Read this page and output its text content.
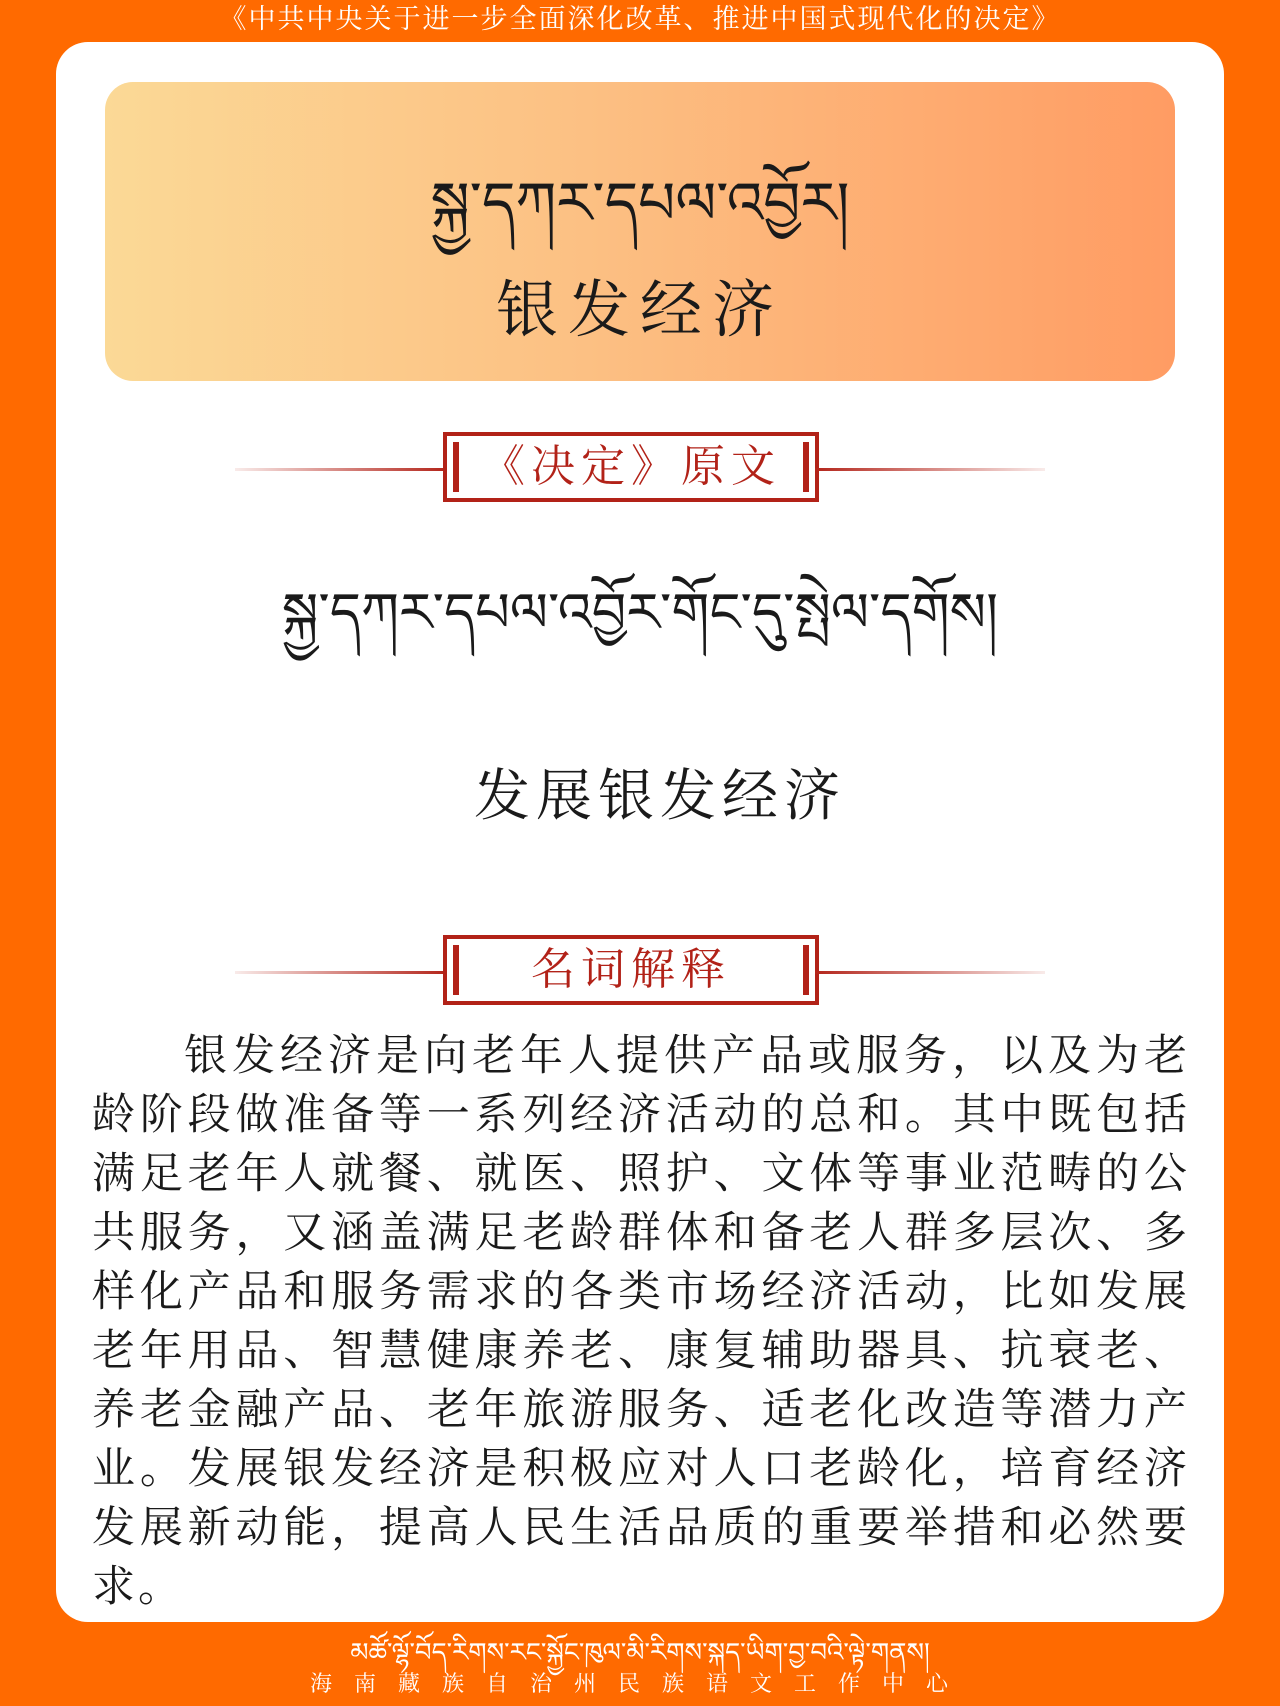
《中共中央关于进一步全面深化改革、推进中国式现代化的决定》
སྐྱ་དཀར་དཔལ་འབྱོར།
银发经济
《决定》原文
སྐྱ་དཀར་དཔལ་འབྱོར་གོང་དུ་སྤེལ་དགོས།
发展银发经济
名词解释
银发经济是向老年人提供产品或服务，以及为老龄阶段做准备等一系列经济活动的总和。其中既包括满足老年人就餐、就医、照护、文体等事业范畴的公共服务，又涵盖满足老龄群体和备老人群多层次、多样化产品和服务需求的各类市场经济活动，比如发展老年用品、智慧健康养老、康复辅助器具、抗衰老、养老金融产品、老年旅游服务、适老化改造等潜力产业。发展银发经济是积极应对人口老龄化，培育经济发展新动能，提高人民生活品质的重要举措和必然要求。
མཚོ་ལྷོ་བོད་རིགས་རང་སྐྱོང་ཁུལ་མི་རིགས་སྐད་ཡིག་བྱ་བའི་ལྟེ་གནས།
海南藏族自治州民族语文工作中心
